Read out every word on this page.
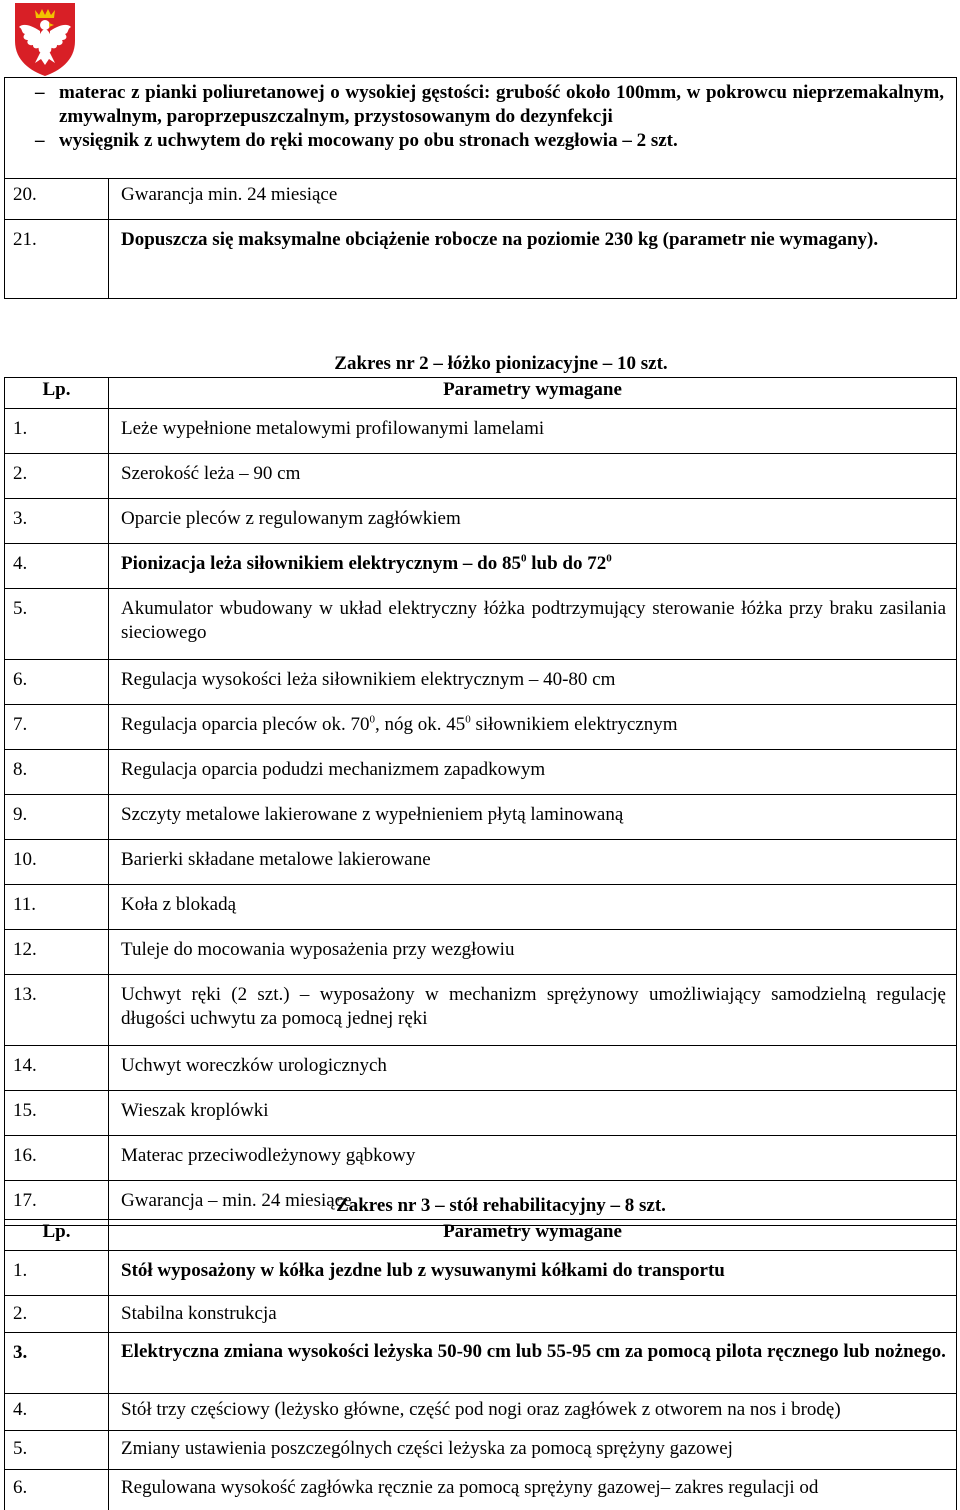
– materac z pianki poliuretanowej o wysokiej gęstości: grubość około 100mm, w pokrowcu nieprzemakalnym, zmywalnym, paroprzepuszczalnym, przystosowanym do dezynfekcji
– wysięgnik z uchwytem do ręki mocowany po obu stronach wezgłowia – 2 szt.	

20.	Gwarancja min. 24 miesiące
21.	Dopuszcza się maksymalne obciążenie robocze na poziomie 230 kg (parametr nie wymagany).
Zakres nr 2 – łóżko pionizacyjne – 10 szt.
Lp.	Parametry wymagane
1.	Leże wypełnione metalowymi profilowanymi lamelami
2.	Szerokość leża – 90 cm
3.	Oparcie pleców z regulowanym zagłówkiem
4.	Pionizacja leża siłownikiem elektrycznym – do $85^0$ lub do $72^0$
5.	Akumulator wbudowany w układ elektryczny łóżka podtrzymujący sterowanie łóżka przy braku zasilania sieciowego
6.	Regulacja wysokości leża siłownikiem elektrycznym – 40-80 cm
7.	Regulacja oparcia pleców ok. $70^0$, nóg ok. $45^0$ siłownikiem elektrycznym
8.	Regulacja oparcia podudzi mechanizmem zapadkowym
9.	Szczyty metalowe lakierowane z wypełnieniem płytą laminowaną
10.	Barierki składane metalowe lakierowane
11.	Koła z blokadą
12.	Tuleje do mocowania wyposażenia przy wezgłowiu
13.	Uchwyt ręki (2 szt.) – wyposażony w mechanizm sprężynowy umożliwiający samodzielną regulację długości uchwytu za pomocą jednej ręki
14.	Uchwyt woreczków urologicznych
15.	Wieszak kroplówki
16.	Materac przeciwodleżynowy gąbkowy
17.	Gwarancja – min. 24 miesiące
Zakres nr 3 – stół rehabilitacyjny – 8 szt.
Lp.	Parametry wymagane
1.	Stół wyposażony w kółka jezdne lub z wysuwanymi kółkami do transportu
2.	Stabilna konstrukcja
3.	Elektryczna zmiana wysokości leżyska 50-90 cm lub 55-95 cm za pomocą pilota ręcznego lub nożnego.
4.	Stół trzy częściowy (leżysko główne, część pod nogi oraz zagłówek z otworem na nos i brodę)
5.	Zmiany ustawienia poszczególnych części leżyska za pomocą sprężyny gazowej
6.	Regulowana wysokość zagłówka ręcznie za pomocą sprężyny gazowej– zakres regulacji od
